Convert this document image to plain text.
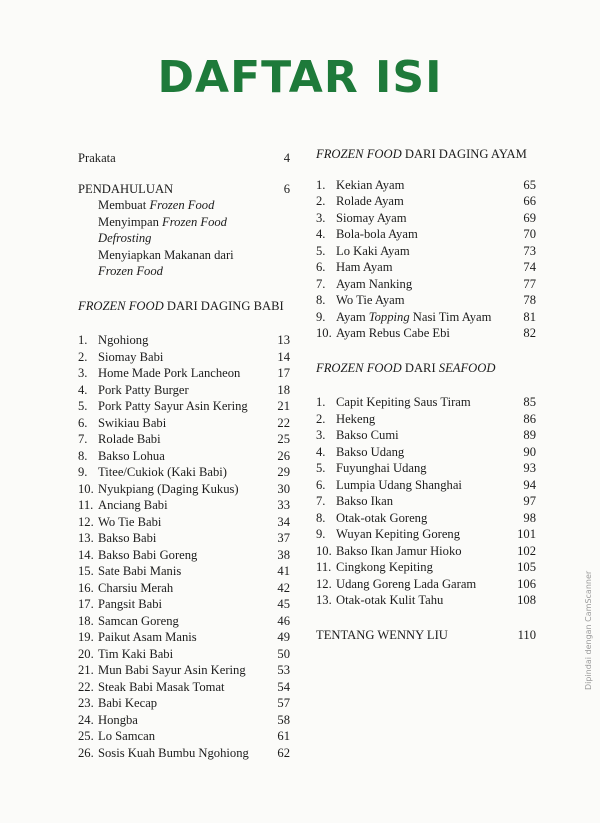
DAFTAR ISI
Prakata	4
PENDAHULUAN	6
Membuat Frozen Food
Menyimpan Frozen Food
Defrosting
Menyiapkan Makanan dari
Frozen Food
FROZEN FOOD DARI DAGING BABI
1. Ngohiong	13
2. Siomay Babi	14
3. Home Made Pork Lancheon	17
4. Pork Patty Burger	18
5. Pork Patty Sayur Asin Kering	21
6. Swikiau Babi	22
7. Rolade Babi	25
8. Bakso Lohua	26
9. Titee/Cukiok (Kaki Babi)	29
10. Nyukpiang (Daging Kukus)	30
11. Anciang Babi	33
12. Wo Tie Babi	34
13. Bakso Babi	37
14. Bakso Babi Goreng	38
15. Sate Babi Manis	41
16. Charsiu Merah	42
17. Pangsit Babi	45
18. Samcan Goreng	46
19. Paikut Asam Manis	49
20. Tim Kaki Babi	50
21. Mun Babi Sayur Asin Kering	53
22. Steak Babi Masak Tomat	54
23. Babi Kecap	57
24. Hongba	58
25. Lo Samcan	61
26. Sosis Kuah Bumbu Ngohiong	62
FROZEN FOOD DARI DAGING AYAM
1. Kekian Ayam	65
2. Rolade Ayam	66
3. Siomay Ayam	69
4. Bola-bola Ayam	70
5. Lo Kaki Ayam	73
6. Ham Ayam	74
7. Ayam Nanking	77
8. Wo Tie Ayam	78
9. Ayam Topping Nasi Tim Ayam	81
10. Ayam Rebus Cabe Ebi	82
FROZEN FOOD DARI SEAFOOD
1. Capit Kepiting Saus Tiram	85
2. Hekeng	86
3. Bakso Cumi	89
4. Bakso Udang	90
5. Fuyunghai Udang	93
6. Lumpia Udang Shanghai	94
7. Bakso Ikan	97
8. Otak-otak Goreng	98
9. Wuyan Kepiting Goreng	101
10. Bakso Ikan Jamur Hioko	102
11. Cingkong Kepiting	105
12. Udang Goreng Lada Garam	106
13. Otak-otak Kulit Tahu	108
TENTANG WENNY LIU	110	Dipindai dengan CamScanner
